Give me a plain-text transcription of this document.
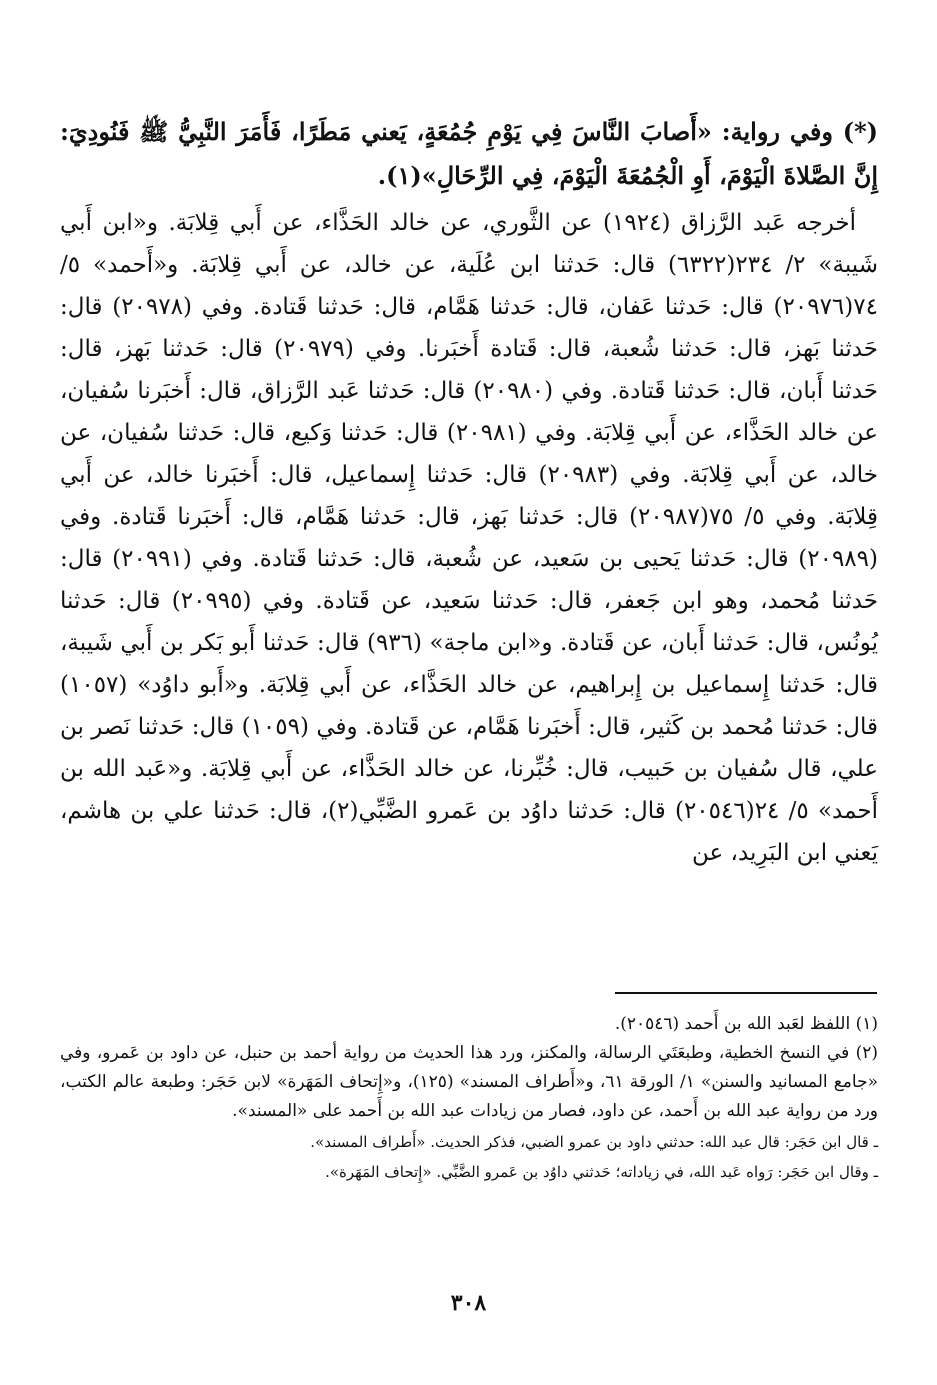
(*) وفي رواية: «أَصابَ النَّاسَ فِي يَوْمِ جُمُعَةٍ، يَعني مَطَرًا، فَأَمَرَ النَّبِيُّ ﷺ فَنُودِيَ: إِنَّ الصَّلاةَ الْيَوْمَ، أَوِ الْجُمُعَةَ الْيَوْمَ، فِي الرِّحَالِ»(١).

أخرجه عَبد الرَّزاق (١٩٢٤) عن الثَّوري، عن خالد الحَذَّاء، عن أَبي قِلابَة. و«ابن أَبي شَيبة» ٢/ ٢٣٤(٦٣٢٢) قال: حَدثنا ابن عُلَية، عن خالد، عن أَبي قِلابَة. و«أَحمد» ٥/ ٧٤(٢٠٩٧٦) قال: حَدثنا عَفان، قال: حَدثنا هَمَّام، قال: حَدثنا قَتادة. وفي (٢٠٩٧٨) قال: حَدثنا بَهز، قال: حَدثنا شُعبة، قال: قَتادة أَخبَرنا. وفي (٢٠٩٧٩) قال: حَدثنا بَهز، قال: حَدثنا أَبان، قال: حَدثنا قَتادة. وفي (٢٠٩٨٠) قال: حَدثنا عَبد الرَّزاق، قال: أَخبَرنا سُفيان، عن خالد الحَذَّاء، عن أَبي قِلابَة. وفي (٢٠٩٨١) قال: حَدثنا وَكيع، قال: حَدثنا سُفيان، عن خالد، عن أَبي قِلابَة. وفي (٢٠٩٨٣) قال: حَدثنا إِسماعيل، قال: أَخبَرنا خالد، عن أَبي قِلابَة. وفي ٥/ ٧٥(٢٠٩٨٧) قال: حَدثنا بَهز، قال: حَدثنا هَمَّام، قال: أَخبَرنا قَتادة. وفي (٢٠٩٨٩) قال: حَدثنا يَحيى بن سَعيد، عن شُعبة، قال: حَدثنا قَتادة. وفي (٢٠٩٩١) قال: حَدثنا مُحمد، وهو ابن جَعفر، قال: حَدثنا سَعيد، عن قَتادة. وفي (٢٠٩٩٥) قال: حَدثنا يُونُس، قال: حَدثنا أَبان، عن قَتادة. و«ابن ماجة» (٩٣٦) قال: حَدثنا أَبو بَكر بن أَبي شَيبة، قال: حَدثنا إِسماعيل بن إِبراهيم، عن خالد الحَذَّاء، عن أَبي قِلابَة. و«أَبو داوُد» (١٠٥٧) قال: حَدثنا مُحمد بن كَثير، قال: أَخبَرنا هَمَّام، عن قَتادة. وفي (١٠٥٩) قال: حَدثنا نَصر بن علي، قال سُفيان بن حَبيب، قال: خُبِّرنا، عن خالد الحَذَّاء، عن أَبي قِلابَة. و«عَبد الله بن أَحمد» ٥/ ٢٤(٢٠٥٤٦) قال: حَدثنا داوُد بن عَمرو الضَّبِّي(٢)، قال: حَدثنا علي بن هاشم، يَعني ابن البَرِيد، عن

(١) اللفظ لعَبد الله بن أَحمد (٢٠٥٤٦).

(٢) في النسخ الخطية، وطبعَتَي الرسالة، والمكنز، ورد هذا الحديث من رواية أحمد بن حنبل، عن داود بن عَمرو، وفي «جامع المسانيد والسنن» ١/ الورقة ٦١، و«أَطراف المسند» (١٢٥)، و«إِتحاف المَهَرة» لابن حَجَر: وطبعة عالم الكتب، ورد من رواية عبد الله بن أَحمد، عن داود، فصار من زيادات عبد الله بن أَحمد على «المسند».

ـ قال ابن حَجَر: قال عبد الله: حدثني داود بن عمرو الضبي، فذكر الحديث. «أَطراف المسند».

ـ وقال ابن حَجَر: رَواه عَبد الله، في زياداته؛ حَدثني داوُد بن عَمرو الضَّبِّي. «إِتحاف المَهَرة».

٣٠٨
